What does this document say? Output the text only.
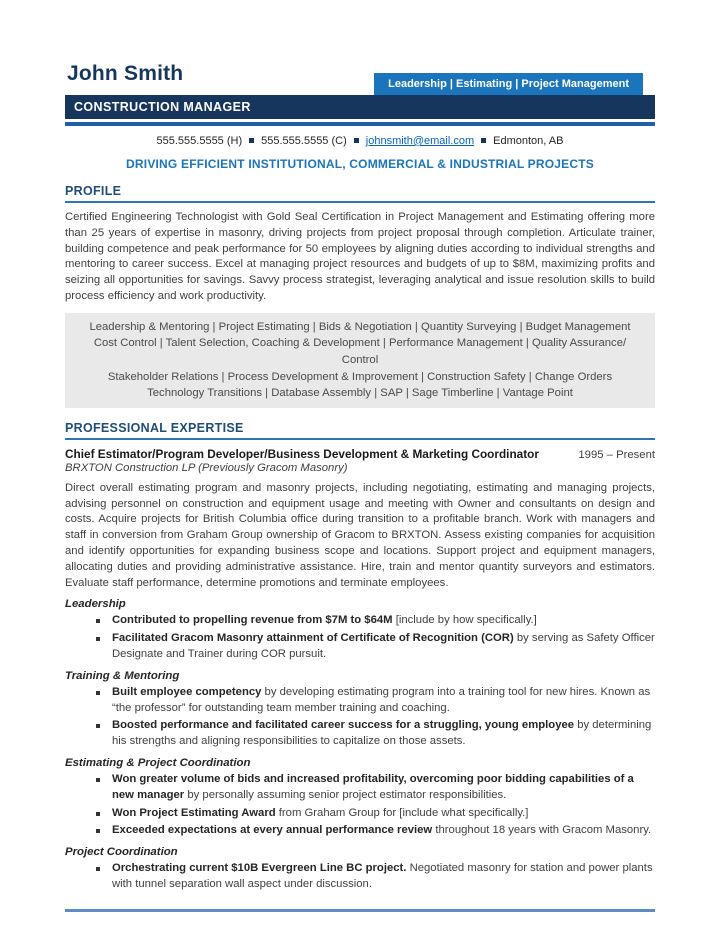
John Smith	Leadership | Estimating | Project Management
CONSTRUCTION MANAGER
555.555.5555 (H) 555.555.5555 (C) johnsmith@email.com Edmonton, AB
DRIVING EFFICIENT INSTITUTIONAL, COMMERCIAL & INDUSTRIAL PROJECTS
PROFILE
Certified Engineering Technologist with Gold Seal Certification in Project Management and Estimating offering more than 25 years of expertise in masonry, driving projects from project proposal through completion. Articulate trainer, building competence and peak performance for 50 employees by aligning duties according to individual strengths and mentoring to career success. Excel at managing project resources and budgets of up to $8M, maximizing profits and seizing all opportunities for savings. Savvy process strategist, leveraging analytical and issue resolution skills to build process efficiency and work productivity.
Leadership & Mentoring | Project Estimating | Bids & Negotiation | Quantity Surveying | Budget Management
Cost Control | Talent Selection, Coaching & Development | Performance Management | Quality Assurance/ Control
Stakeholder Relations | Process Development & Improvement | Construction Safety | Change Orders
Technology Transitions | Database Assembly | SAP | Sage Timberline | Vantage Point
PROFESSIONAL EXPERTISE
Chief Estimator/Program Developer/Business Development & Marketing Coordinator	1995 – Present
BRXTON Construction LP (Previously Gracom Masonry)
Direct overall estimating program and masonry projects, including negotiating, estimating and managing projects, advising personnel on construction and equipment usage and meeting with Owner and consultants on design and costs. Acquire projects for British Columbia office during transition to a profitable branch. Work with managers and staff in conversion from Graham Group ownership of Gracom to BRXTON. Assess existing companies for acquisition and identify opportunities for expanding business scope and locations. Support project and equipment managers, allocating duties and providing administrative assistance. Hire, train and mentor quantity surveyors and estimators. Evaluate staff performance, determine promotions and terminate employees.
Leadership
Contributed to propelling revenue from $7M to $64M [include by how specifically.]
Facilitated Gracom Masonry attainment of Certificate of Recognition (COR) by serving as Safety Officer Designate and Trainer during COR pursuit.
Training & Mentoring
Built employee competency by developing estimating program into a training tool for new hires. Known as “the professor” for outstanding team member training and coaching.
Boosted performance and facilitated career success for a struggling, young employee by determining his strengths and aligning responsibilities to capitalize on those assets.
Estimating & Project Coordination
Won greater volume of bids and increased profitability, overcoming poor bidding capabilities of a new manager by personally assuming senior project estimator responsibilities.
Won Project Estimating Award from Graham Group for [include what specifically.]
Exceeded expectations at every annual performance review throughout 18 years with Gracom Masonry.
Project Coordination
Orchestrating current $10B Evergreen Line BC project. Negotiated masonry for station and power plants with tunnel separation wall aspect under discussion.
